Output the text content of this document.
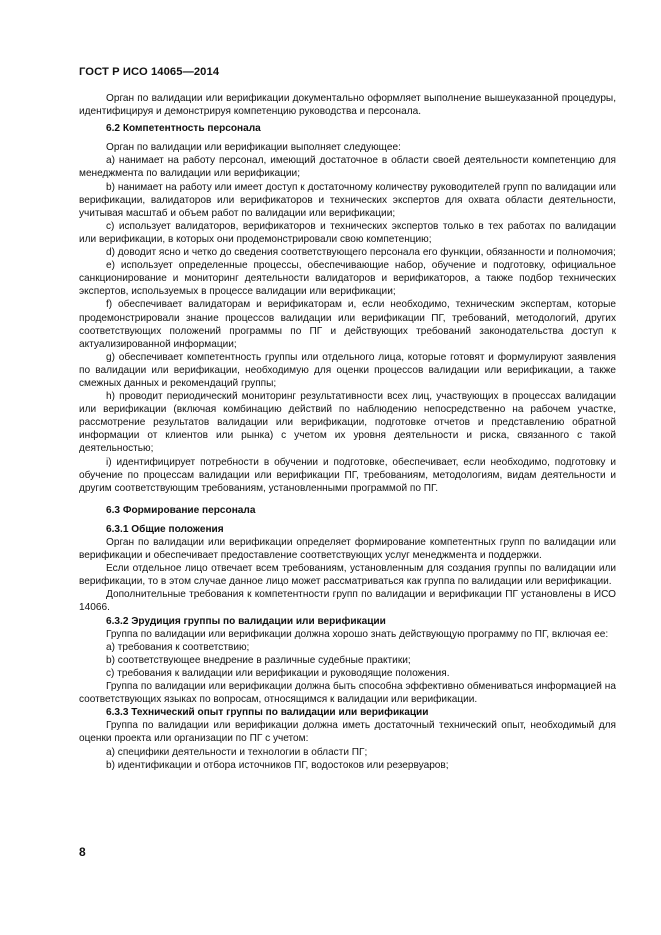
ГОСТ Р ИСО 14065—2014

Орган по валидации или верификации документально оформляет выполнение вышеуказанной процедуры, идентифицируя и демонстрируя компетенцию руководства и персонала.

6.2 Компетентность персонала

Орган по валидации или верификации выполняет следующее:

a) нанимает на работу персонал, имеющий достаточное в области своей деятельности компетенцию для менеджмента по валидации или верификации;

b) нанимает на работу или имеет доступ к достаточному количеству руководителей групп по валидации или верификации, валидаторов или верификаторов и технических экспертов для охвата области деятельности, учитывая масштаб и объем работ по валидации или верификации;

c) использует валидаторов, верификаторов и технических экспертов только в тех работах по валидации или верификации, в которых они продемонстрировали свою компетенцию;

d) доводит ясно и четко до сведения соответствующего персонала его функции, обязанности и полномочия;

e) использует определенные процессы, обеспечивающие набор, обучение и подготовку, официальное санкционирование и мониторинг деятельности валидаторов и верификаторов, а также подбор технических экспертов, используемых в процессе валидации или верификации;

f) обеспечивает валидаторам и верификаторам и, если необходимо, техническим экспертам, которые продемонстрировали знание процессов валидации или верификации ПГ, требований, методологий, других соответствующих положений программы по ПГ и действующих требований законодательства доступ к актуализированной информации;

g) обеспечивает компетентность группы или отдельного лица, которые готовят и формулируют заявления по валидации или верификации, необходимую для оценки процессов валидации или верификации, а также смежных данных и рекомендаций группы;

h) проводит периодический мониторинг результативности всех лиц, участвующих в процессах валидации или верификации (включая комбинацию действий по наблюдению непосредственно на рабочем участке, рассмотрение результатов валидации или верификации, подготовке отчетов и представлению обратной информации от клиентов или рынка) с учетом их уровня деятельности и риска, связанного с такой деятельностью;

i) идентифицирует потребности в обучении и подготовке, обеспечивает, если необходимо, подготовку и обучение по процессам валидации или верификации ПГ, требованиям, методологиям, видам деятельности и другим соответствующим требованиям, установленными программой по ПГ.

6.3 Формирование персонала
6.3.1 Общие положения

Орган по валидации или верификации определяет формирование компетентных групп по валидации или верификации и обеспечивает предоставление соответствующих услуг менеджмента и поддержки.

Если отдельное лицо отвечает всем требованиям, установленным для создания группы по валидации или верификации, то в этом случае данное лицо может рассматриваться как группа по валидации или верификации.

Дополнительные требования к компетентности групп по валидации и верификации ПГ установлены в ИСО 14066.

6.3.2 Эрудиция группы по валидации или верификации

Группа по валидации или верификации должна хорошо знать действующую программу по ПГ, включая ее:

a) требования к соответствию;

b) соответствующее внедрение в различные судебные практики;

c) требования к валидации или верификации и руководящие положения.

Группа по валидации или верификации должна быть способна эффективно обмениваться информацией на соответствующих языках по вопросам, относящимся к валидации или верификации.

6.3.3 Технический опыт группы по валидации или верификации

Группа по валидации или верификации должна иметь достаточный технический опыт, необходимый для оценки проекта или организации по ПГ с учетом:

a) специфики деятельности и технологии в области ПГ;

b) идентификации и отбора источников ПГ, водостоков или резервуаров;

8
